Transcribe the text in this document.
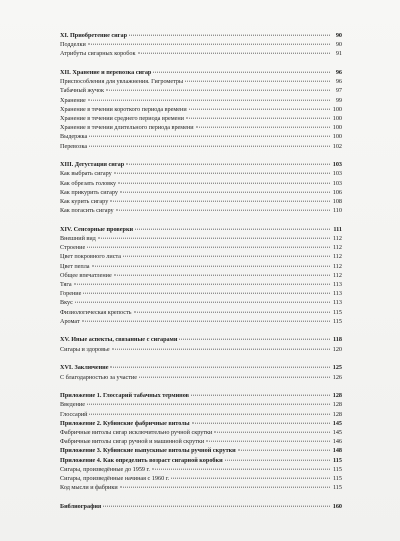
XI. Приобретение сигар	90
Подделки	90
Атрибуты сигарных коробок	91
XII. Хранение и перевозка сигар	96
Приспособления для увлажнения. Гигрометры	96
Табачный жучок	97
Хранение	99
Хранение в течении короткого периода времени	100
Хранение в течении среднего периода времени	100
Хранение в течении длительного периода времени	100
Выдержка	100
Перевозка	102
XIII. Дегустация сигар	103
Как выбрать сигару	103
Как обрезать головку	103
Как прикурить сигару	106
Как курить сигару	108
Как погасить сигару	110
XIV. Сенсорные проверки	111
Внешний вид	112
Строение	112
Цвет покровного листа	112
Цвет пепла	112
Общее впечатление	112
Тяга	113
Горение	113
Вкус	113
Физиологическая крепость	115
Аромат	115
XV. Иные аспекты, связанные с сигарами	118
Сигары и здоровье	120
XVI. Заключение	125
С благодарностью за участие	126
Приложение 1. Глоссарий табачных терминов	128
Введение	128
Глоссарий	128
Приложение 2. Кубинские фабричные витолы	145
Фабричные витолы сигар исключительно ручной скрутки	145
Фабричные витолы сигар ручной и машинной скрутки	146
Приложение 3. Кубинские выпускные витолы ручной скрутки	148
Приложение 4. Как определить возраст сигарной коробки	115
Сигары, произведённые до 1959 г.	115
Сигары, произведённые начиная с 1960 г.	115
Код мысли и фабрики	115
Библиография	160
